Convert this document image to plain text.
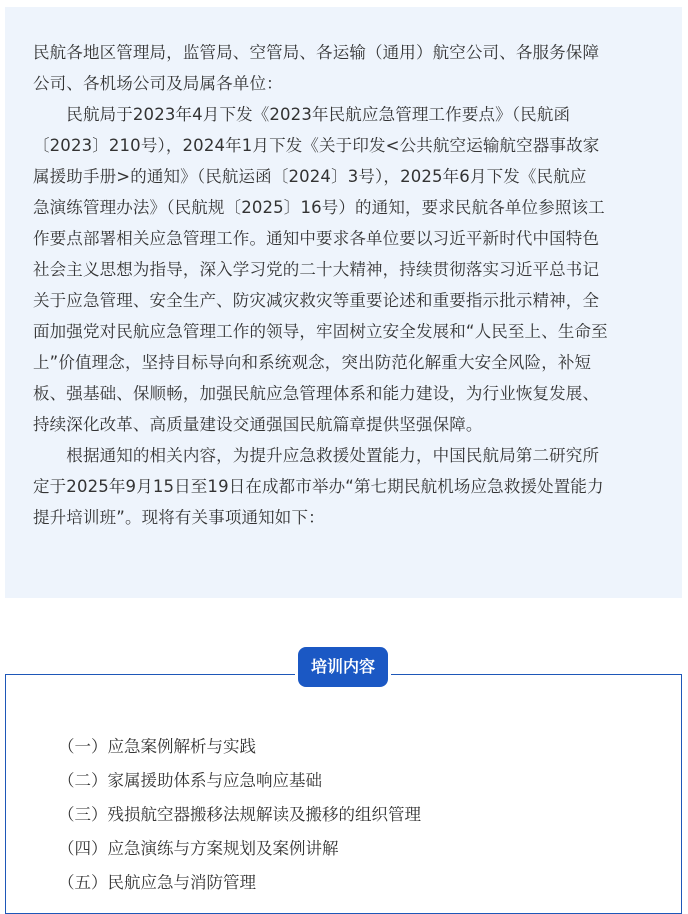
民航各地区管理局，监管局、空管局、各运输（通用）航空公司、各服务保障
公司、各机场公司及局属各单位：
　　民航局于2023年4月下发《2023年民航应急管理工作要点》（民航函
〔2023〕210号），2024年1月下发《关于印发<公共航空运输航空器事故家
属援助手册>的通知》（民航运函〔2024〕3号），2025年6月下发《民航应
急演练管理办法》（民航规〔2025〕16号）的通知，要求民航各单位参照该工
作要点部署相关应急管理工作。通知中要求各单位要以习近平新时代中国特色
社会主义思想为指导，深入学习党的二十大精神，持续贯彻落实习近平总书记
关于应急管理、安全生产、防灾减灾救灾等重要论述和重要指示批示精神，全
面加强党对民航应急管理工作的领导，牢固树立安全发展和“人民至上、生命至
上”价值理念，坚持目标导向和系统观念，突出防范化解重大安全风险，补短
板、强基础、保顺畅，加强民航应急管理体系和能力建设，为行业恢复发展、
持续深化改革、高质量建设交通强国民航篇章提供坚强保障。
　　根据通知的相关内容，为提升应急救援处置能力，中国民航局第二研究所
定于2025年9月15日至19日在成都市举办“第七期民航机场应急救援处置能力
提升培训班”。现将有关事项通知如下：
培训内容
（一）应急案例解析与实践
（二）家属援助体系与应急响应基础
（三）残损航空器搬移法规解读及搬移的组织管理
（四）应急演练与方案规划及案例讲解
（五）民航应急与消防管理
